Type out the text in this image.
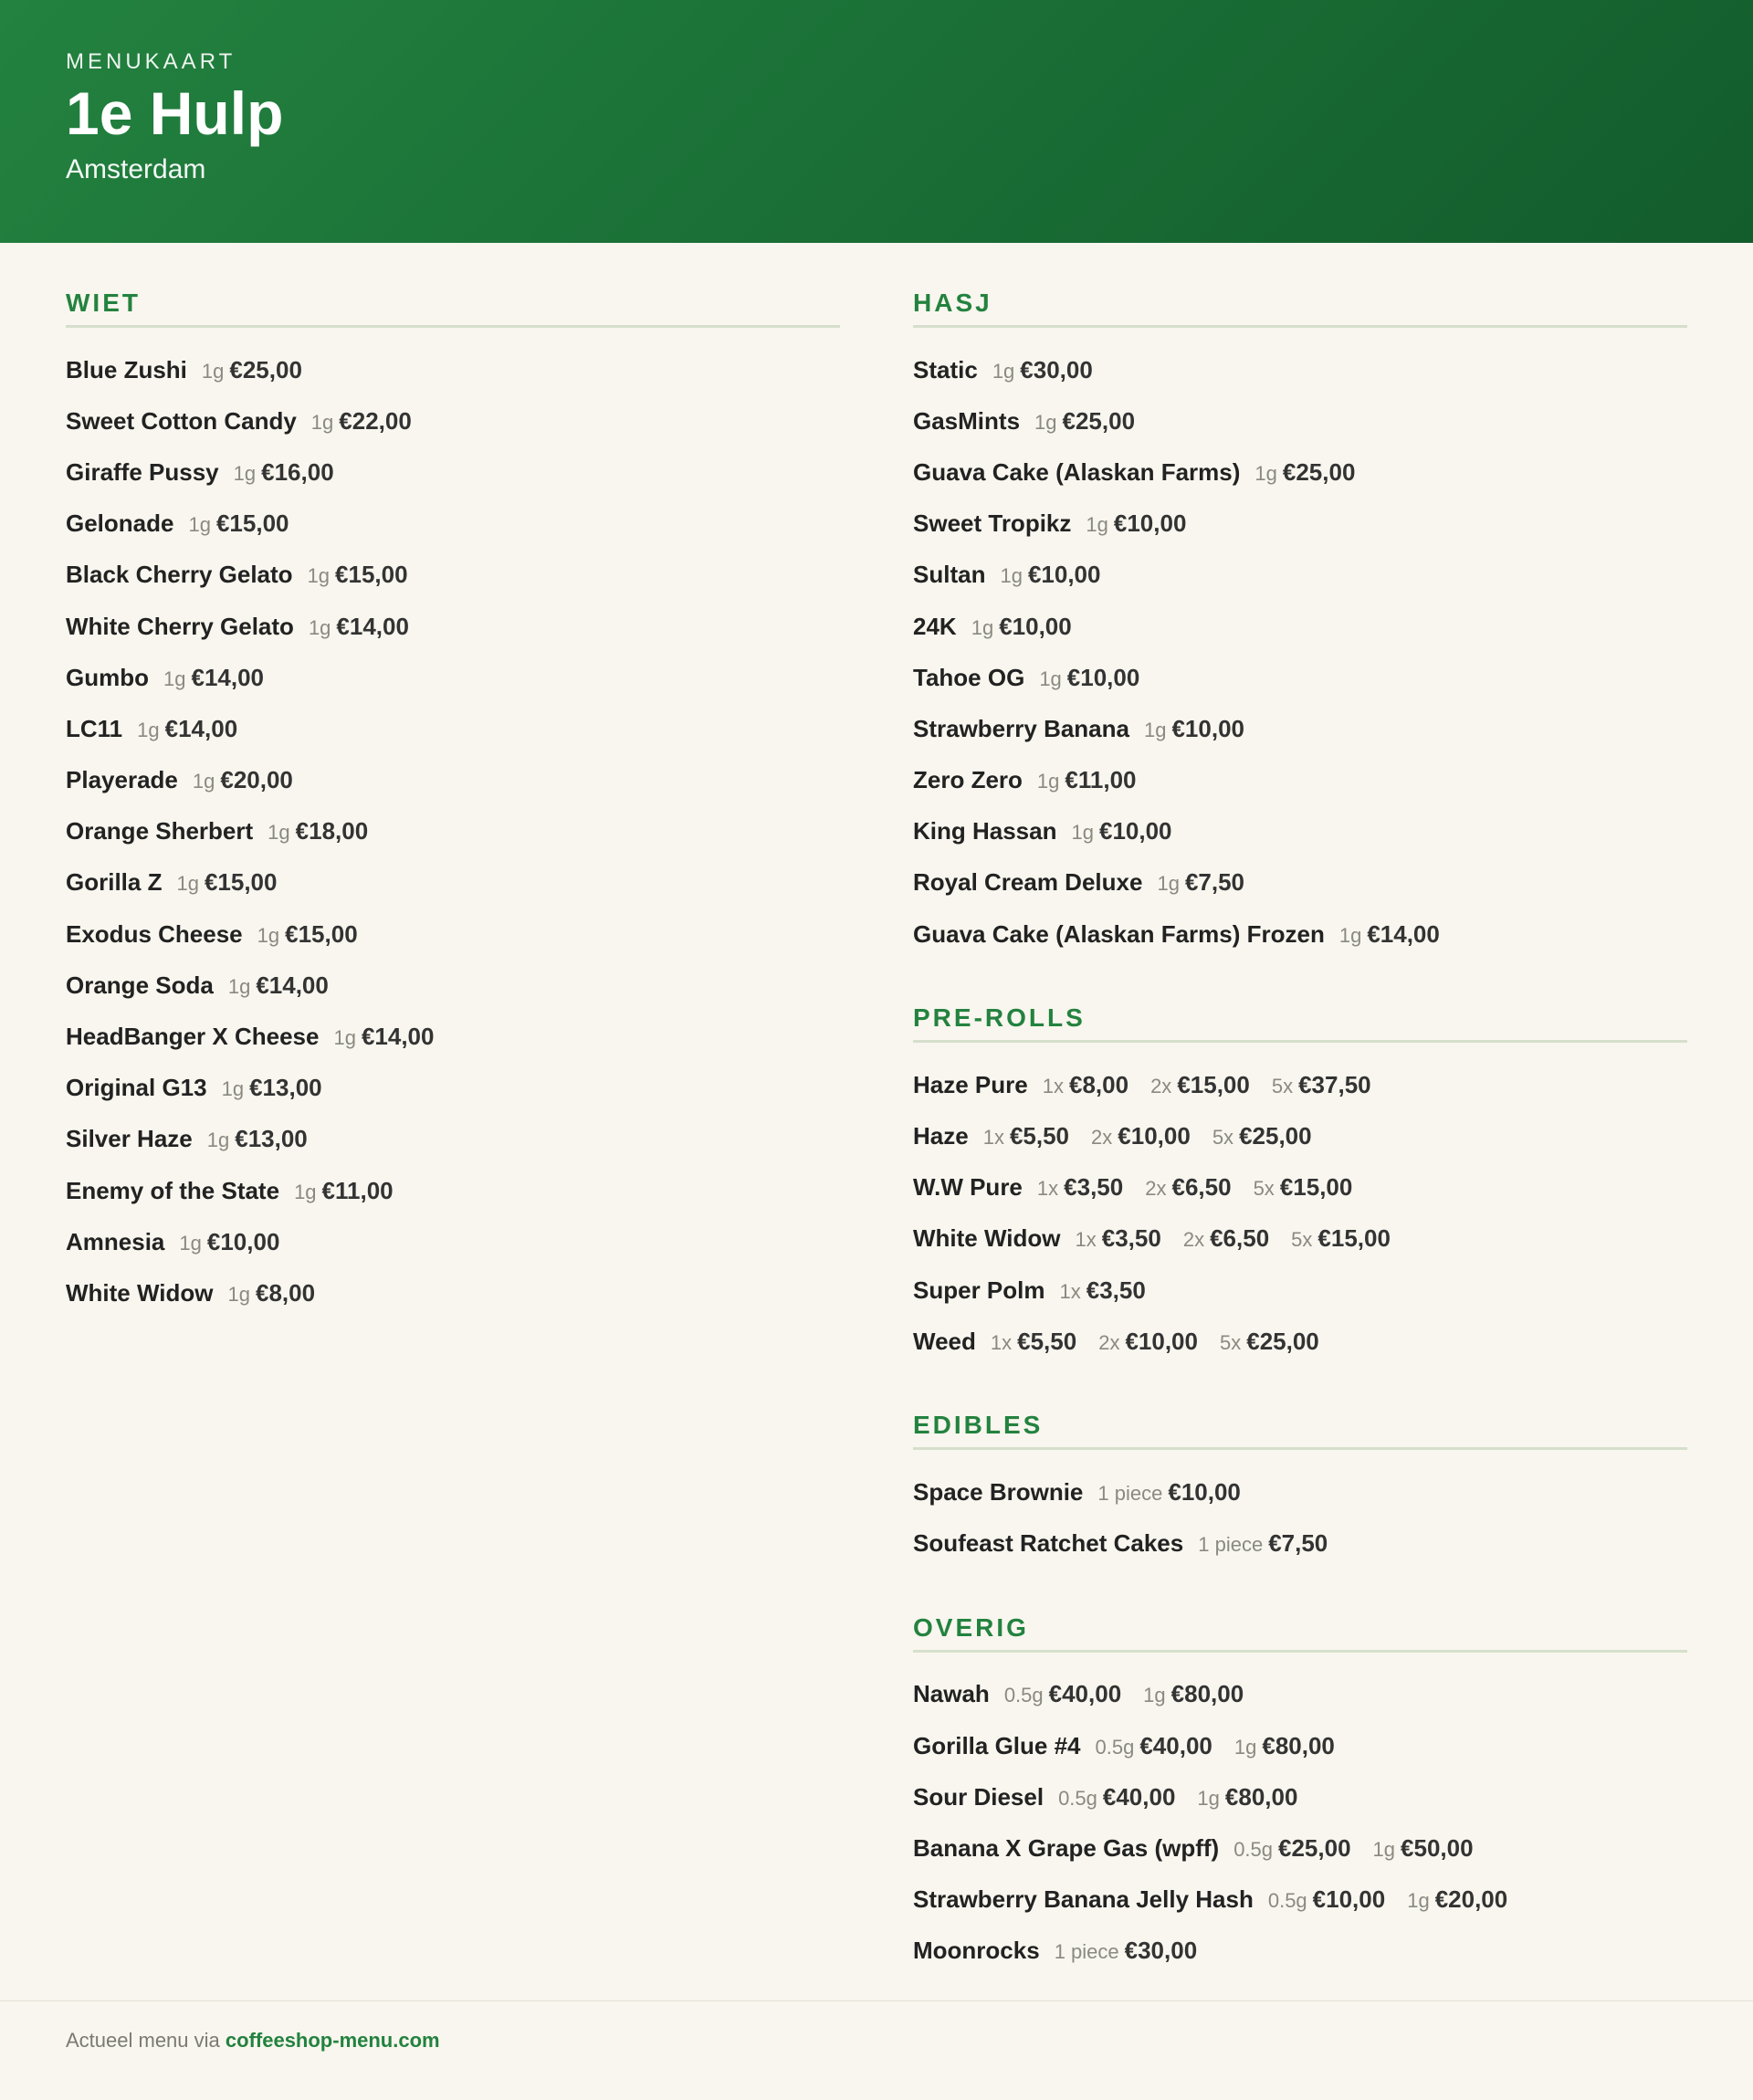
MENUKAART

1e Hulp

Amsterdam

WIET
Blue Zushi 1g €25,00
Sweet Cotton Candy 1g €22,00
Giraffe Pussy 1g €16,00
Gelonade 1g €15,00
Black Cherry Gelato 1g €15,00
White Cherry Gelato 1g €14,00
Gumbo 1g €14,00
LC11 1g €14,00
Playerade 1g €20,00
Orange Sherbert 1g €18,00
Gorilla Z 1g €15,00
Exodus Cheese 1g €15,00
Orange Soda 1g €14,00
HeadBanger X Cheese 1g €14,00
Original G13 1g €13,00
Silver Haze 1g €13,00
Enemy of the State 1g €11,00
Amnesia 1g €10,00
White Widow 1g €8,00
HASJ
Static 1g €30,00
GasMints 1g €25,00
Guava Cake (Alaskan Farms) 1g €25,00
Sweet Tropikz 1g €10,00
Sultan 1g €10,00
24K 1g €10,00
Tahoe OG 1g €10,00
Strawberry Banana 1g €10,00
Zero Zero 1g €11,00
King Hassan 1g €10,00
Royal Cream Deluxe 1g €7,50
Guava Cake (Alaskan Farms) Frozen 1g €14,00
PRE-ROLLS
Haze Pure 1x €8,00 2x €15,00 5x €37,50
Haze 1x €5,50 2x €10,00 5x €25,00
W.W Pure 1x €3,50 2x €6,50 5x €15,00
White Widow 1x €3,50 2x €6,50 5x €15,00
Super Polm 1x €3,50
Weed 1x €5,50 2x €10,00 5x €25,00
EDIBLES
Space Brownie 1 piece €10,00
Soufeast Ratchet Cakes 1 piece €7,50
OVERIG
Nawah 0.5g €40,00 1g €80,00
Gorilla Glue #4 0.5g €40,00 1g €80,00
Sour Diesel 0.5g €40,00 1g €80,00
Banana X Grape Gas (wpff) 0.5g €25,00 1g €50,00
Strawberry Banana Jelly Hash 0.5g €10,00 1g €20,00
Moonrocks 1 piece €30,00
Actueel menu via coffeeshop-menu.com
